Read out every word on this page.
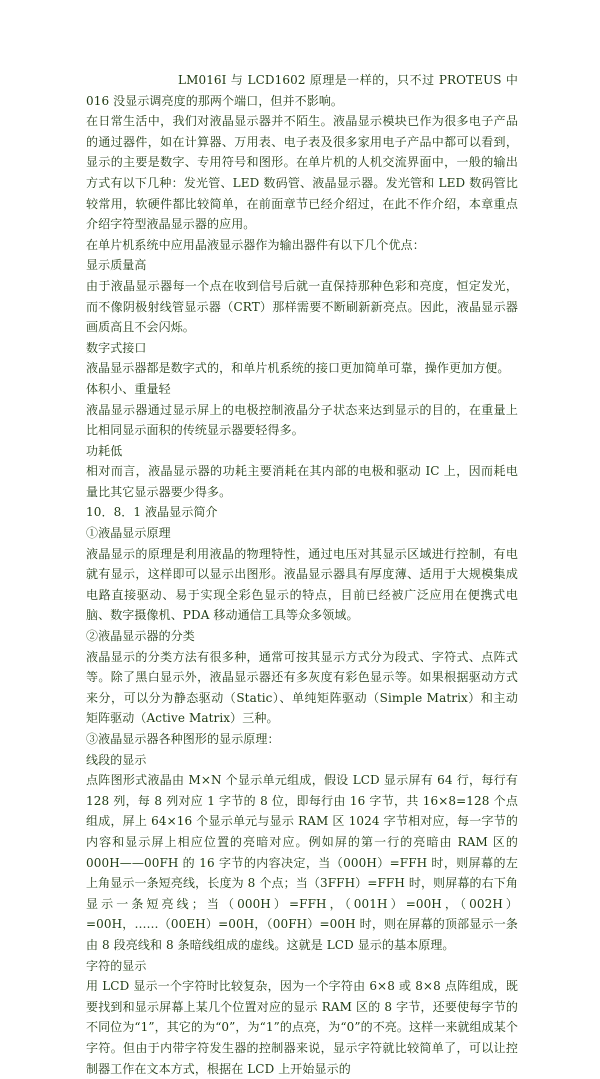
LM016I 与 LCD1602 原理是一样的，只不过 PROTEUS 中 016 没显示调亮度的那两个端口，但并不影响。

在日常生活中，我们对液晶显示器并不陌生。液晶显示模块已作为很多电子产品的通过器件，如在计算器、万用表、电子表及很多家用电子产品中都可以看到，显示的主要是数字、专用符号和图形。在单片机的人机交流界面中，一般的输出方式有以下几种：发光管、LED 数码管、液晶显示器。发光管和 LED 数码管比较常用，软硬件都比较简单，在前面章节已经介绍过，在此不作介绍，本章重点介绍字符型液晶显示器的应用。

在单片机系统中应用晶液显示器作为输出器件有以下几个优点：

显示质量高

由于液晶显示器每一个点在收到信号后就一直保持那种色彩和亮度，恒定发光，而不像阴极射线管显示器（CRT）那样需要不断刷新新亮点。因此，液晶显示器画质高且不会闪烁。

数字式接口

液晶显示器都是数字式的，和单片机系统的接口更加简单可靠，操作更加方便。

体积小、重量轻

液晶显示器通过显示屏上的电极控制液晶分子状态来达到显示的目的，在重量上比相同显示面积的传统显示器要轻得多。

功耗低

相对而言，液晶显示器的功耗主要消耗在其内部的电极和驱动 IC 上，因而耗电量比其它显示器要少得多。

10．8．1 液晶显示简介

①液晶显示原理

液晶显示的原理是利用液晶的物理特性，通过电压对其显示区域进行控制，有电就有显示，这样即可以显示出图形。液晶显示器具有厚度薄、适用于大规模集成电路直接驱动、易于实现全彩色显示的特点，目前已经被广泛应用在便携式电脑、数字摄像机、PDA 移动通信工具等众多领域。

②液晶显示器的分类

液晶显示的分类方法有很多种，通常可按其显示方式分为段式、字符式、点阵式等。除了黑白显示外，液晶显示器还有多灰度有彩色显示等。如果根据驱动方式来分，可以分为静态驱动（Static）、单纯矩阵驱动（Simple Matrix）和主动矩阵驱动（Active Matrix）三种。

③液晶显示器各种图形的显示原理：

线段的显示

点阵图形式液晶由 M×N 个显示单元组成，假设 LCD 显示屏有 64 行，每行有 128 列，每 8 列对应 1 字节的 8 位，即每行由 16 字节，共 16×8=128 个点组成，屏上 64×16 个显示单元与显示 RAM 区 1024 字节相对应，每一字节的内容和显示屏上相应位置的亮暗对应。例如屏的第一行的亮暗由 RAM 区的 000H——00FH 的 16 字节的内容决定，当（000H）=FFH 时，则屏幕的左上角显示一条短亮线，长度为 8 个点；当（3FFH）=FFH 时，则屏幕的右下角显示一条短亮线；当（000H）=FFH，（001H）=00H，（002H）=00H，……（00EH）=00H，（00FH）=00H 时，则在屏幕的顶部显示一条由 8 段亮线和 8 条暗线组成的虚线。这就是 LCD 显示的基本原理。

字符的显示

用 LCD 显示一个字符时比较复杂，因为一个字符由 6×8 或 8×8 点阵组成，既要找到和显示屏幕上某几个位置对应的显示 RAM 区的 8 字节，还要使每字节的不同位为“1”，其它的为“0”，为“1”的点亮，为“0”的不亮。这样一来就组成某个字符。但由于内带字符发生器的控制器来说，显示字符就比较简单了，可以让控制器工作在文本方式，根据在 LCD 上开始显示的
